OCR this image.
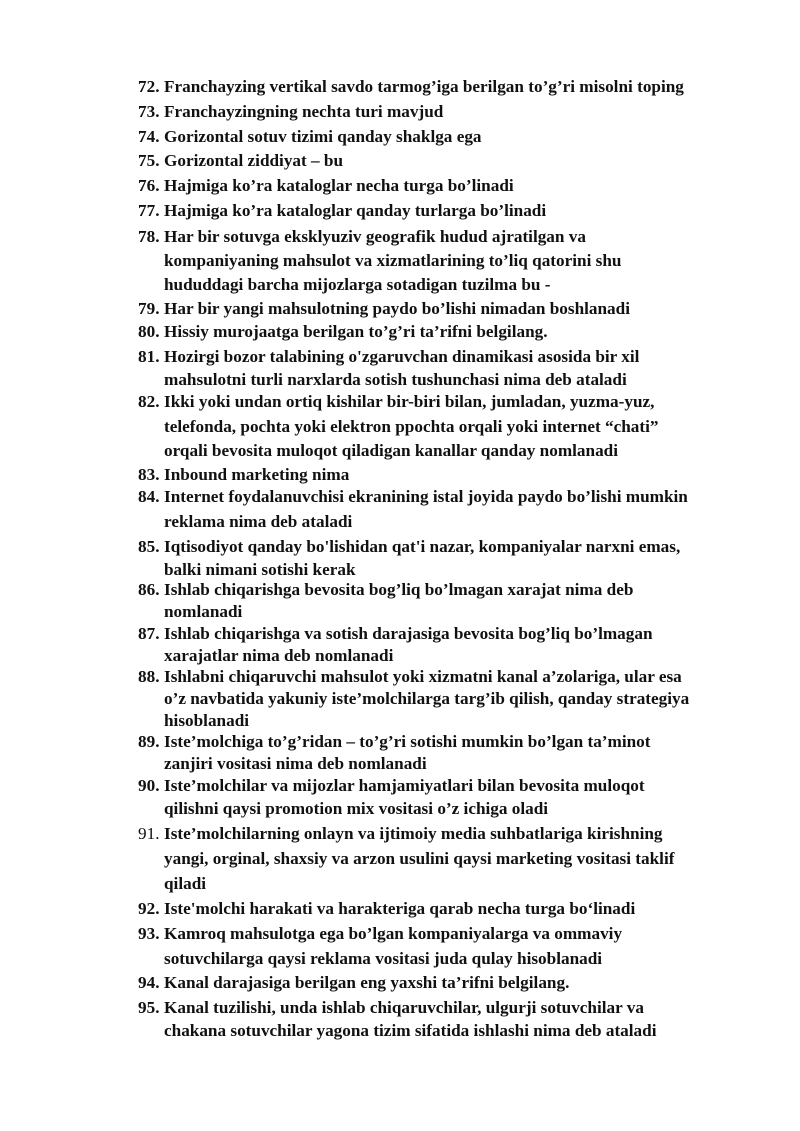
72. Franchayzing vertikal savdo tarmog’iga berilgan to’g’ri misolni toping
73. Franchayzingning nechta turi mavjud
74. Gorizontal sotuv tizimi qanday shaklga ega
75. Gorizontal ziddiyat – bu
76. Hajmiga ko’ra kataloglar necha turga bo’linadi
77. Hajmiga ko’ra kataloglar qanday turlarga bo’linadi
78. Har bir sotuvga eksklyuziv geografik hudud ajratilgan va
kompaniyaning mahsulot va xizmatlarining to’liq qatorini shu
hududdagi barcha mijozlarga sotadigan tuzilma bu -
79. Har bir yangi mahsulotning paydo bo’lishi nimadan boshlanadi
80. Hissiy murojaatga berilgan to’g’ri ta’rifni belgilang.
81. Hozirgi bozor talabining o'zgaruvchan dinamikasi asosida bir xil
mahsulotni turli narxlarda sotish tushunchasi nima deb ataladi
82. Ikki yoki undan ortiq kishilar bir-biri bilan, jumladan, yuzma-yuz,
telefonda, pochta yoki elektron ppochta orqali yoki internet “chati”
orqali bevosita muloqot qiladigan kanallar qanday nomlanadi
83. Inbound marketing nima
84. Internet foydalanuvchisi ekranining istal joyida paydo bo’lishi mumkin
reklama nima deb ataladi
85. Iqtisodiyot qanday bo'lishidan qat'i nazar, kompaniyalar narxni emas,
balki nimani sotishi kerak
86. Ishlab chiqarishga bevosita bog’liq bo’lmagan xarajat nima deb
nomlanadi
87. Ishlab chiqarishga va sotish darajasiga bevosita bog’liq bo’lmagan
xarajatlar nima deb nomlanadi
88. Ishlabni chiqaruvchi mahsulot yoki xizmatni kanal a’zolariga, ular esa
o’z navbatida yakuniy iste’molchilarga targ’ib qilish, qanday strategiya
hisoblanadi
89. Iste’molchiga to’g’ridan – to’g’ri sotishi mumkin bo’lgan ta’minot
zanjiri vositasi nima deb nomlanadi
90. Iste’molchilar va mijozlar hamjamiyatlari bilan bevosita muloqot
qilishni qaysi promotion mix vositasi o’z ichiga oladi
91. Iste’molchilarning onlayn va ijtimoiy media suhbatlariga kirishning
yangi, orginal, shaxsiy va arzon usulini qaysi marketing vositasi taklif
qiladi
92. Iste'molchi harakati va harakteriga qarab necha turga bo‘linadi
93. Kamroq mahsulotga ega bo’lgan kompaniyalarga va ommaviy
sotuvchilarga qaysi reklama vositasi juda qulay hisoblanadi
94. Kanal darajasiga berilgan eng yaxshi ta’rifni belgilang.
95. Kanal tuzilishi, unda ishlab chiqaruvchilar, ulgurji sotuvchilar va
chakana sotuvchilar yagona tizim sifatida ishlashi nima deb ataladi
